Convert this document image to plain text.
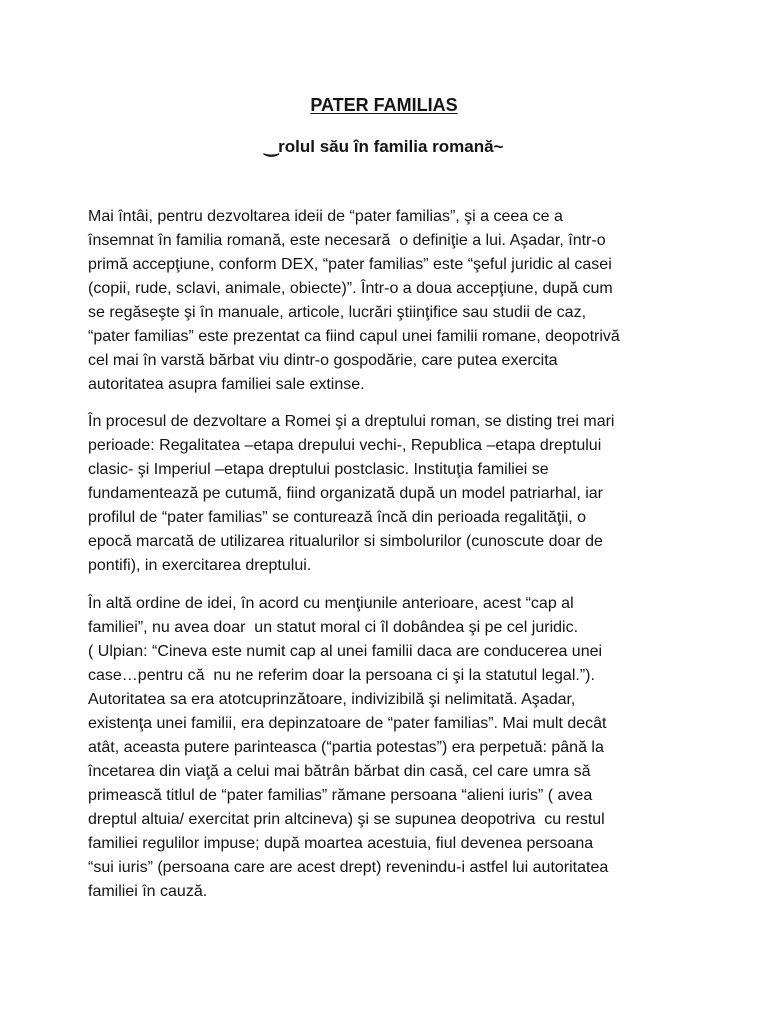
PATER FAMILIAS
‿rolul său în familia romană~
Mai întâi, pentru dezvoltarea ideii de “pater familias”, şi a ceea ce a
însemnat în familia romană, este necesară  o definiţie a lui. Aşadar, într-o
primă accepţiune, conform DEX, “pater familias” este “şeful juridic al casei
(copii, rude, sclavi, animale, obiecte)”. Într-o a doua accepţiune, după cum
se regăseşte şi în manuale, articole, lucrări ştiinţifice sau studii de caz,
“pater familias” este prezentat ca fiind capul unei familii romane, deopotrivă
cel mai în varstă bărbat viu dintr-o gospodărie, care putea exercita
autoritatea asupra familiei sale extinse.
În procesul de dezvoltare a Romei şi a dreptului roman, se disting trei mari
perioade: Regalitatea –etapa drepului vechi-, Republica –etapa dreptului
clasic- şi Imperiul –etapa dreptului postclasic. Instituţia familiei se
fundamentează pe cutumă, fiind organizată după un model patriarhal, iar
profilul de “pater familias” se conturează încă din perioada regalităţii, o
epocă marcată de utilizarea ritualurilor si simbolurilor (cunoscute doar de
pontifi), in exercitarea dreptului.
În altă ordine de idei, în acord cu menţiunile anterioare, acest “cap al
familiei”, nu avea doar  un statut moral ci îl dobândea şi pe cel juridic.
( Ulpian: “Cineva este numit cap al unei familii daca are conducerea unei
case…pentru că  nu ne referim doar la persoana ci şi la statutul legal.”).
Autoritatea sa era atotcuprinzătoare, indivizibilă şi nelimitată. Aşadar,
existenţa unei familii, era depinzatoare de “pater familias”. Mai mult decât
atât, aceasta putere parinteasca (“partia potestas”) era perpetuă: până la
încetarea din viaţă a celui mai bătrân bărbat din casă, cel care umra să
primească titlul de “pater familias” rămane persoana “alieni iuris” ( avea
dreptul altuia/ exercitat prin altcineva) şi se supunea deopotriva  cu restul
familiei regulilor impuse; după moartea acestuia, fiul devenea persoana
“sui iuris” (persoana care are acest drept) revenindu-i astfel lui autoritatea
familiei în cauză.
